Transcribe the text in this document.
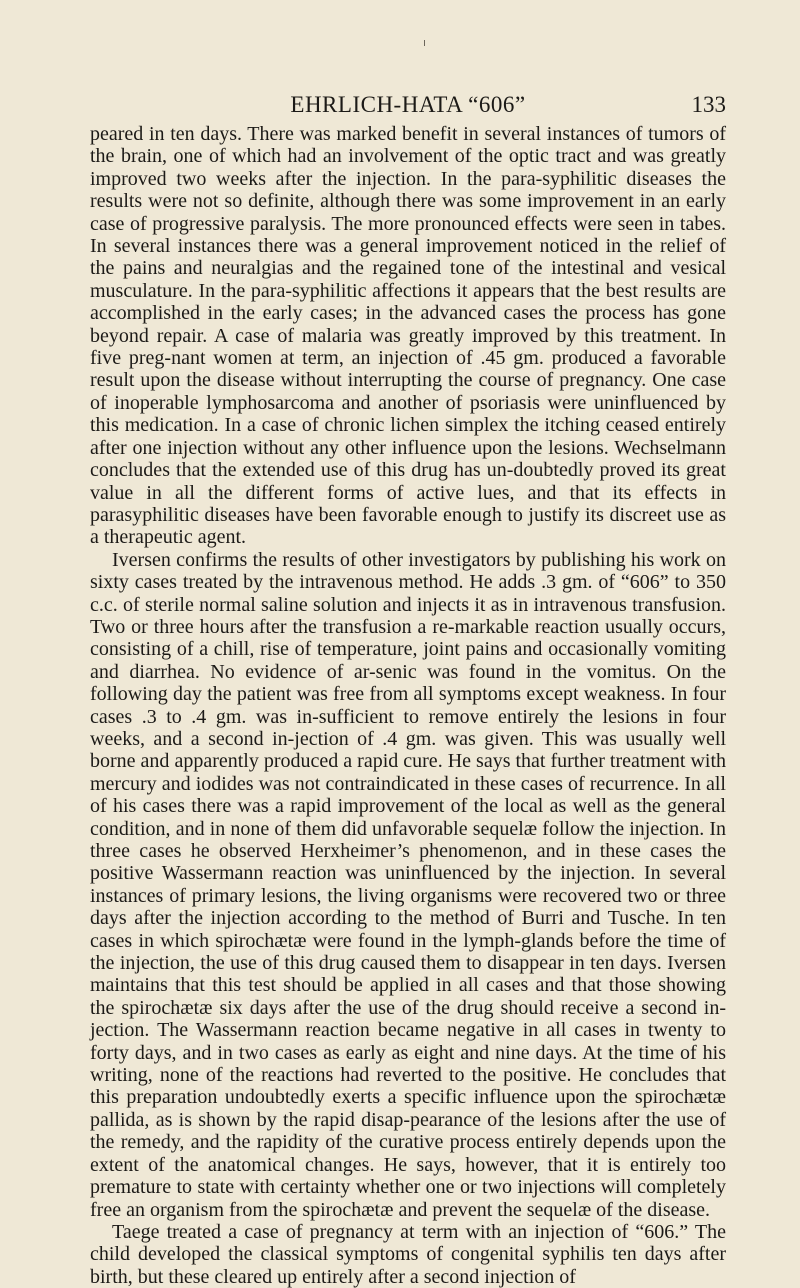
EHRLICH-HATA “606”	133

peared in ten days. There was marked benefit in several instances of tumors of the brain, one of which had an involvement of the optic tract and was greatly improved two weeks after the injection. In the para-syphilitic diseases the results were not so definite, although there was some improvement in an early case of progressive paralysis. The more pronounced effects were seen in tabes. In several instances there was a general improvement noticed in the relief of the pains and neuralgias and the regained tone of the intestinal and vesical musculature. In the para-syphilitic affections it appears that the best results are accomplished in the early cases; in the advanced cases the process has gone beyond repair. A case of malaria was greatly improved by this treatment. In five preg-nant women at term, an injection of .45 gm. produced a favorable result upon the disease without interrupting the course of pregnancy. One case of inoperable lymphosarcoma and another of psoriasis were uninfluenced by this medication. In a case of chronic lichen simplex the itching ceased entirely after one injection without any other influence upon the lesions. Wechselmann concludes that the extended use of this drug has un-doubtedly proved its great value in all the different forms of active lues, and that its effects in parasyphilitic diseases have been favorable enough to justify its discreet use as a therapeutic agent.

Iversen confirms the results of other investigators by publishing his work on sixty cases treated by the intravenous method. He adds .3 gm. of “606” to 350 c.c. of sterile normal saline solution and injects it as in intravenous transfusion. Two or three hours after the transfusion a re-markable reaction usually occurs, consisting of a chill, rise of temperature, joint pains and occasionally vomiting and diarrhea. No evidence of ar-senic was found in the vomitus. On the following day the patient was free from all symptoms except weakness. In four cases .3 to .4 gm. was in-sufficient to remove entirely the lesions in four weeks, and a second in-jection of .4 gm. was given. This was usually well borne and apparently produced a rapid cure. He says that further treatment with mercury and iodides was not contraindicated in these cases of recurrence. In all of his cases there was a rapid improvement of the local as well as the general condition, and in none of them did unfavorable sequelæ follow the injection. In three cases he observed Herxheimer’s phenomenon, and in these cases the positive Wassermann reaction was uninfluenced by the injection. In several instances of primary lesions, the living organisms were recovered two or three days after the injection according to the method of Burri and Tusche. In ten cases in which spirochætæ were found in the lymph-glands before the time of the injection, the use of this drug caused them to disappear in ten days. Iversen maintains that this test should be applied in all cases and that those showing the spirochætæ six days after the use of the drug should receive a second in-jection. The Wassermann reaction became negative in all cases in twenty to forty days, and in two cases as early as eight and nine days. At the time of his writing, none of the reactions had reverted to the positive. He concludes that this preparation undoubtedly exerts a specific influence upon the spirochætæ pallida, as is shown by the rapid disap-pearance of the lesions after the use of the remedy, and the rapidity of the curative process entirely depends upon the extent of the anatomical changes. He says, however, that it is entirely too premature to state with certainty whether one or two injections will completely free an organism from the spirochætæ and prevent the sequelæ of the disease.

Taege treated a case of pregnancy at term with an injection of “606.” The child developed the classical symptoms of congenital syphilis ten days after birth, but these cleared up entirely after a second injection of
